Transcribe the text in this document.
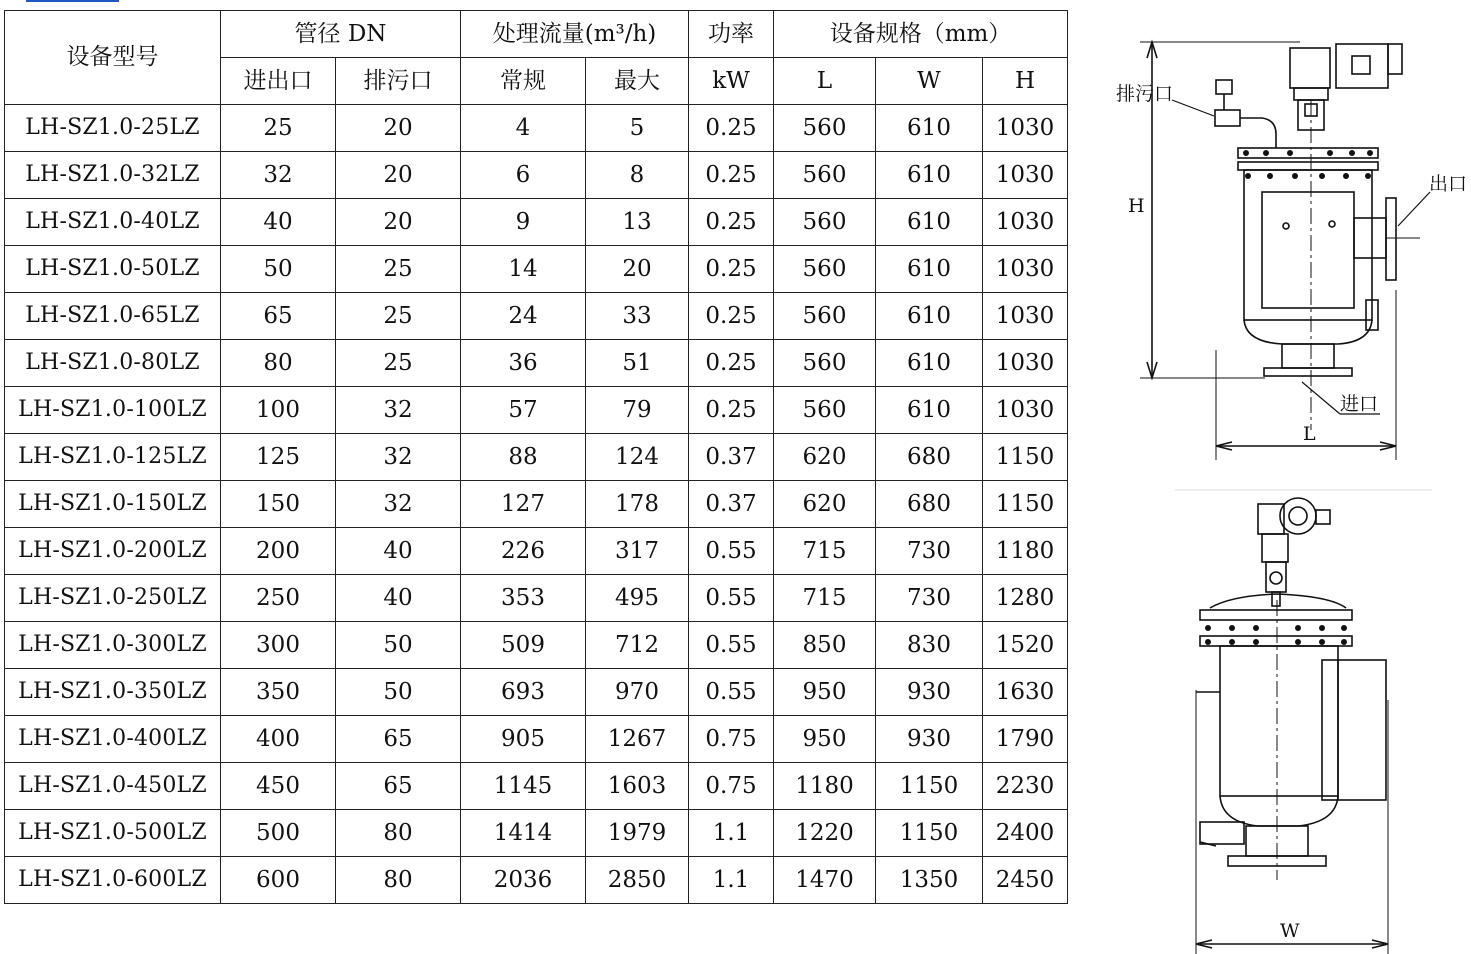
设备型号	管径 DN		处理流量(m³/h)		功率	设备规格（mm）		
	进出口	排污口	常规	最大	kW	L	W	H
LH-SZ1.0-25LZ	25	20	4	5	0.25	560	610	1030
LH-SZ1.0-32LZ	32	20	6	8	0.25	560	610	1030
LH-SZ1.0-40LZ	40	20	9	13	0.25	560	610	1030
LH-SZ1.0-50LZ	50	25	14	20	0.25	560	610	1030
LH-SZ1.0-65LZ	65	25	24	33	0.25	560	610	1030
LH-SZ1.0-80LZ	80	25	36	51	0.25	560	610	1030
LH-SZ1.0-100LZ	100	32	57	79	0.25	560	610	1030
LH-SZ1.0-125LZ	125	32	88	124	0.37	620	680	1150
LH-SZ1.0-150LZ	150	32	127	178	0.37	620	680	1150
LH-SZ1.0-200LZ	200	40	226	317	0.55	715	730	1180
LH-SZ1.0-250LZ	250	40	353	495	0.55	715	730	1280
LH-SZ1.0-300LZ	300	50	509	712	0.55	850	830	1520
LH-SZ1.0-350LZ	350	50	693	970	0.55	950	930	1630
LH-SZ1.0-400LZ	400	65	905	1267	0.75	950	930	1790
LH-SZ1.0-450LZ	450	65	1145	1603	0.75	1180	1150	2230
LH-SZ1.0-500LZ	500	80	1414	1979	1.1	1220	1150	2400
LH-SZ1.0-600LZ	600	80	2036	2850	1.1	1470	1350	2450
排污口
出口
进口
H
L
W
